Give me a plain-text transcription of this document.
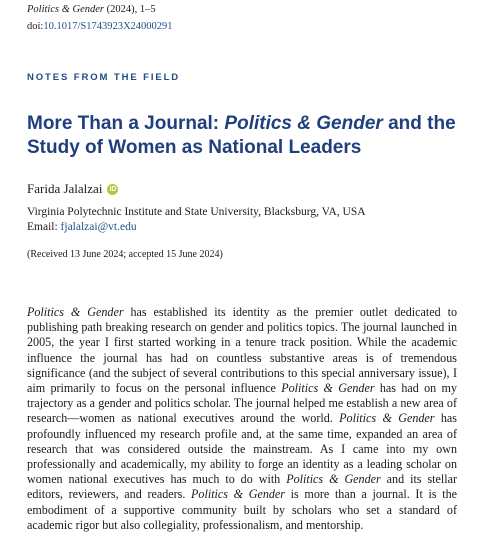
Politics & Gender (2024), 1–5
doi:10.1017/S1743923X24000291
NOTES FROM THE FIELD
More Than a Journal: Politics & Gender and the Study of Women as National Leaders
Farida Jalalzai iD
Virginia Polytechnic Institute and State University, Blacksburg, VA, USA
Email: fjalalzai@vt.edu
(Received 13 June 2024; accepted 15 June 2024)

Politics & Gender has established its identity as the premier outlet dedicated to publishing path breaking research on gender and politics topics. The journal launched in 2005, the year I first started working in a tenure track position. While the academic influence the journal has had on countless substantive areas is of tremendous significance (and the subject of several contributions to this special anniversary issue), I aim primarily to focus on the personal influence Politics & Gender has had on my trajectory as a gender and politics scholar. The journal helped me establish a new area of research—women as national executives around the world. Politics & Gender has profoundly influenced my research profile and, at the same time, expanded an area of research that was considered outside the mainstream. As I came into my own professionally and academically, my ability to forge an identity as a leading scholar on women national executives has much to do with Politics & Gender and its stellar editors, reviewers, and readers. Politics & Gender is more than a journal. It is the embodiment of a supportive community built by scholars who set a standard of academic rigor but also collegiality, professionalism, and mentorship.
